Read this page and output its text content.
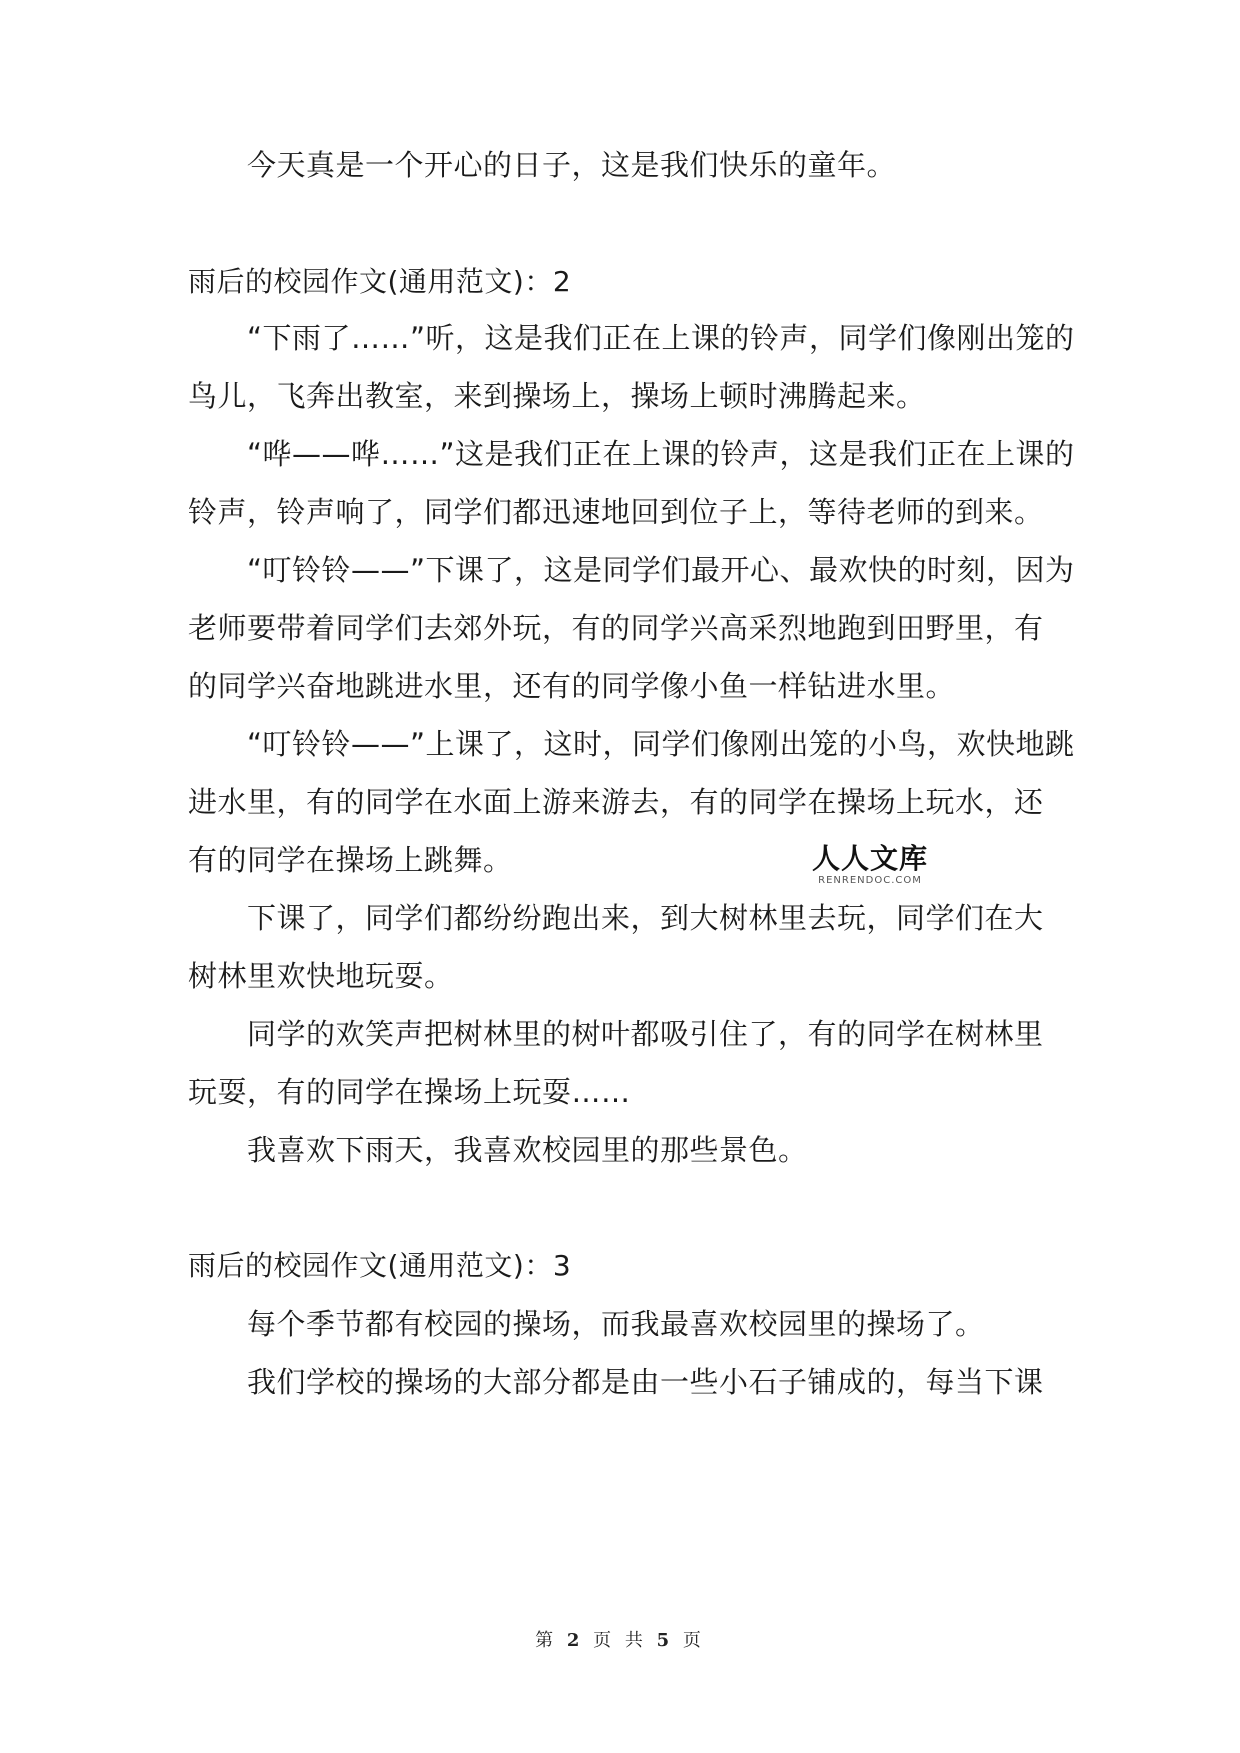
今天真是一个开心的日子，这是我们快乐的童年。
雨后的校园作文(通用范文)：2
“下雨了……”听，这是我们正在上课的铃声，同学们像刚出笼的
鸟儿，飞奔出教室，来到操场上，操场上顿时沸腾起来。
“哗——哗……”这是我们正在上课的铃声，这是我们正在上课的
铃声，铃声响了，同学们都迅速地回到位子上，等待老师的到来。
“叮铃铃——”下课了，这是同学们最开心、最欢快的时刻，因为
老师要带着同学们去郊外玩，有的同学兴高采烈地跑到田野里，有
的同学兴奋地跳进水里，还有的同学像小鱼一样钻进水里。
“叮铃铃——”上课了，这时，同学们像刚出笼的小鸟，欢快地跳
进水里，有的同学在水面上游来游去，有的同学在操场上玩水，还
有的同学在操场上跳舞。
下课了，同学们都纷纷跑出来，到大树林里去玩，同学们在大
树林里欢快地玩耍。
同学的欢笑声把树林里的树叶都吸引住了，有的同学在树林里
玩耍，有的同学在操场上玩耍……
我喜欢下雨天，我喜欢校园里的那些景色。
雨后的校园作文(通用范文)：3
每个季节都有校园的操场，而我最喜欢校园里的操场了。
我们学校的操场的大部分都是由一些小石子铺成的，每当下课
人人文库
RENRENDOC.COM
第 2 页 共 5 页
